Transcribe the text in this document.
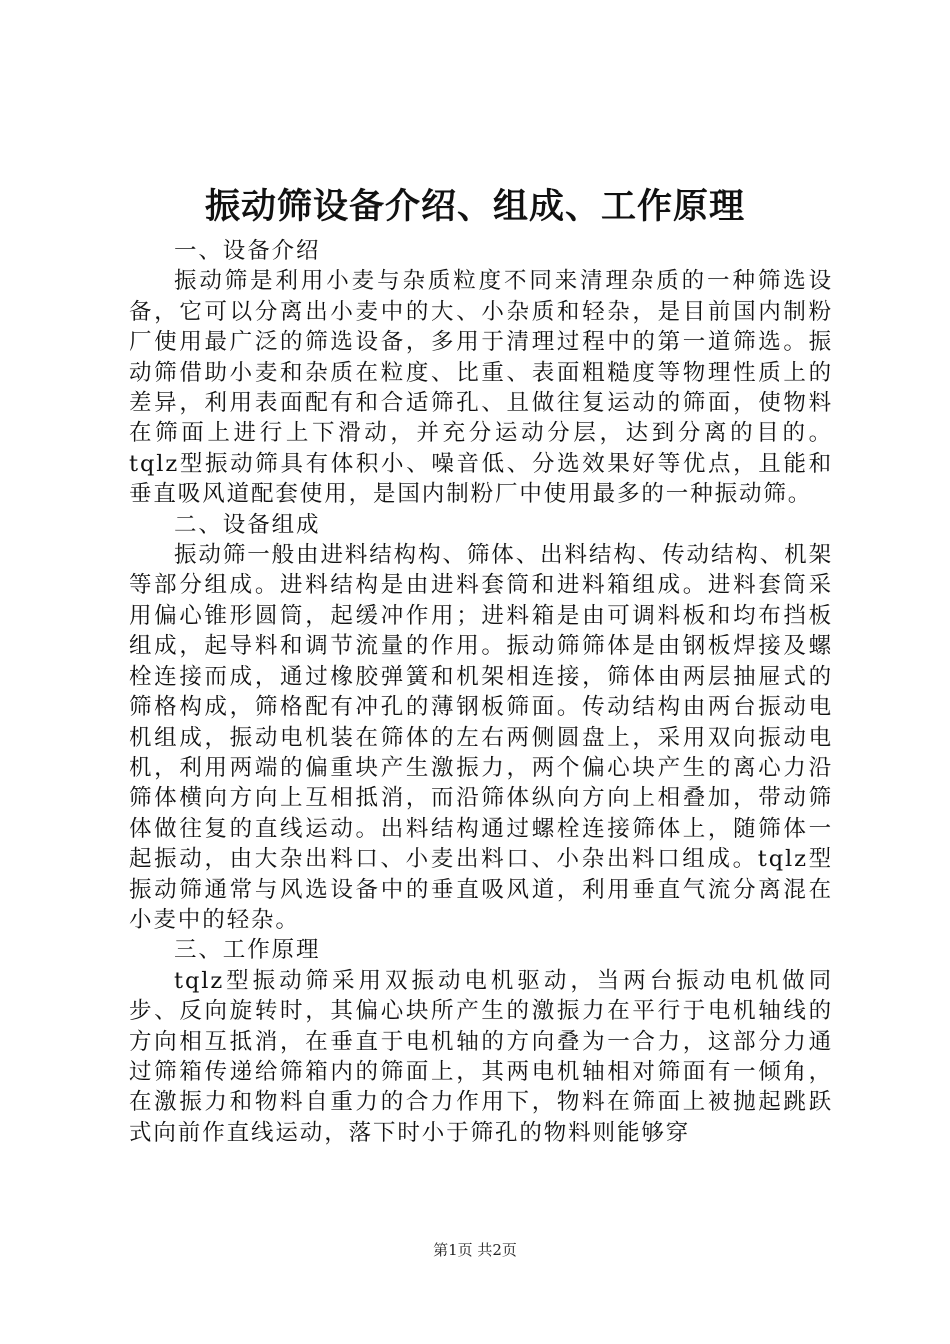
振动筛设备介绍、组成、工作原理

一、设备介绍

振动筛是利用小麦与杂质粒度不同来清理杂质的一种筛选设备，它可以分离出小麦中的大、小杂质和轻杂，是目前国内制粉厂使用最广泛的筛选设备，多用于清理过程中的第一道筛选。振动筛借助小麦和杂质在粒度、比重、表面粗糙度等物理性质上的差异，利用表面配有和合适筛孔、且做往复运动的筛面，使物料在筛面上进行上下滑动，并充分运动分层，达到分离的目的。tqlz型振动筛具有体积小、噪音低、分选效果好等优点，且能和垂直吸风道配套使用，是国内制粉厂中使用最多的一种振动筛。

二、设备组成

振动筛一般由进料结构构、筛体、出料结构、传动结构、机架等部分组成。进料结构是由进料套筒和进料箱组成。进料套筒采用偏心锥形圆筒，起缓冲作用；进料箱是由可调料板和均布挡板组成，起导料和调节流量的作用。振动筛筛体是由钢板焊接及螺栓连接而成，通过橡胶弹簧和机架相连接，筛体由两层抽屉式的筛格构成，筛格配有冲孔的薄钢板筛面。传动结构由两台振动电机组成，振动电机装在筛体的左右两侧圆盘上，采用双向振动电机，利用两端的偏重块产生激振力，两个偏心块产生的离心力沿筛体横向方向上互相抵消，而沿筛体纵向方向上相叠加，带动筛体做往复的直线运动。出料结构通过螺栓连接筛体上，随筛体一起振动，由大杂出料口、小麦出料口、小杂出料口组成。tqlz型振动筛通常与风选设备中的垂直吸风道，利用垂直气流分离混在小麦中的轻杂。

三、工作原理

tqlz型振动筛采用双振动电机驱动，当两台振动电机做同步、反向旋转时，其偏心块所产生的激振力在平行于电机轴线的方向相互抵消，在垂直于电机轴的方向叠为一合力，这部分力通过筛箱传递给筛箱内的筛面上，其两电机轴相对筛面有一倾角，在激振力和物料自重力的合力作用下，物料在筛面上被抛起跳跃式向前作直线运动，落下时小于筛孔的物料则能够穿

第1页 共2页
